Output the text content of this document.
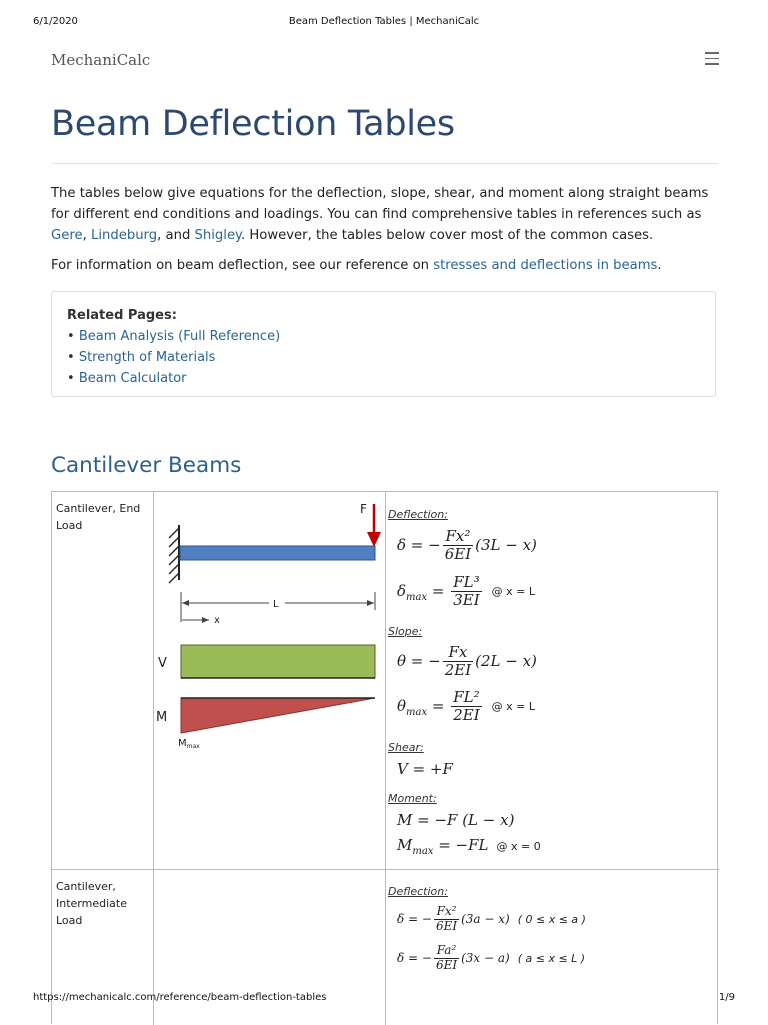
6/1/2020	Beam Deflection Tables | MechaniCalc
MechaniCalc
Beam Deflection Tables

The tables below give equations for the deflection, slope, shear, and moment along straight beams for different end conditions and loadings. You can find comprehensive tables in references such as Gere, Lindeburg, and Shigley. However, the tables below cover most of the common cases.

For information on beam deflection, see our reference on stresses and deflections in beams.

Related Pages:
• Beam Analysis (Full Reference)
• Strength of Materials
• Beam Calculator
Cantilever Beams
Cantilever, End Load
Cantilever, Intermediate Load
F
L
x
V
M
$M_{max}$
Deflection:
δ = − $\frac{\text{Fx²}}{6EI} (3L - x)$
$\delta_{max} = \frac{\text{FL³}}{3EI}$ @ x = L
Slope:
θ = − $\frac{Fx}{2EI} (2L - x)$
$\theta_{max} = \frac{\text{FL²}}{2EI}$ @ x = L
Shear:
V = +F
Moment:
M = −F (L − x)
$M_{max} = -FL$ @ x = 0
Deflection:
δ = − $\frac{\text{Fx²}}{6EI} (3a - x)$ ( 0 ≤ x ≤ a )
δ = − $\frac{\text{Fa²}}{6EI} (3x - a)$ ( a ≤ x ≤ L )
https://mechanicalc.com/reference/beam-deflection-tables	1/9
